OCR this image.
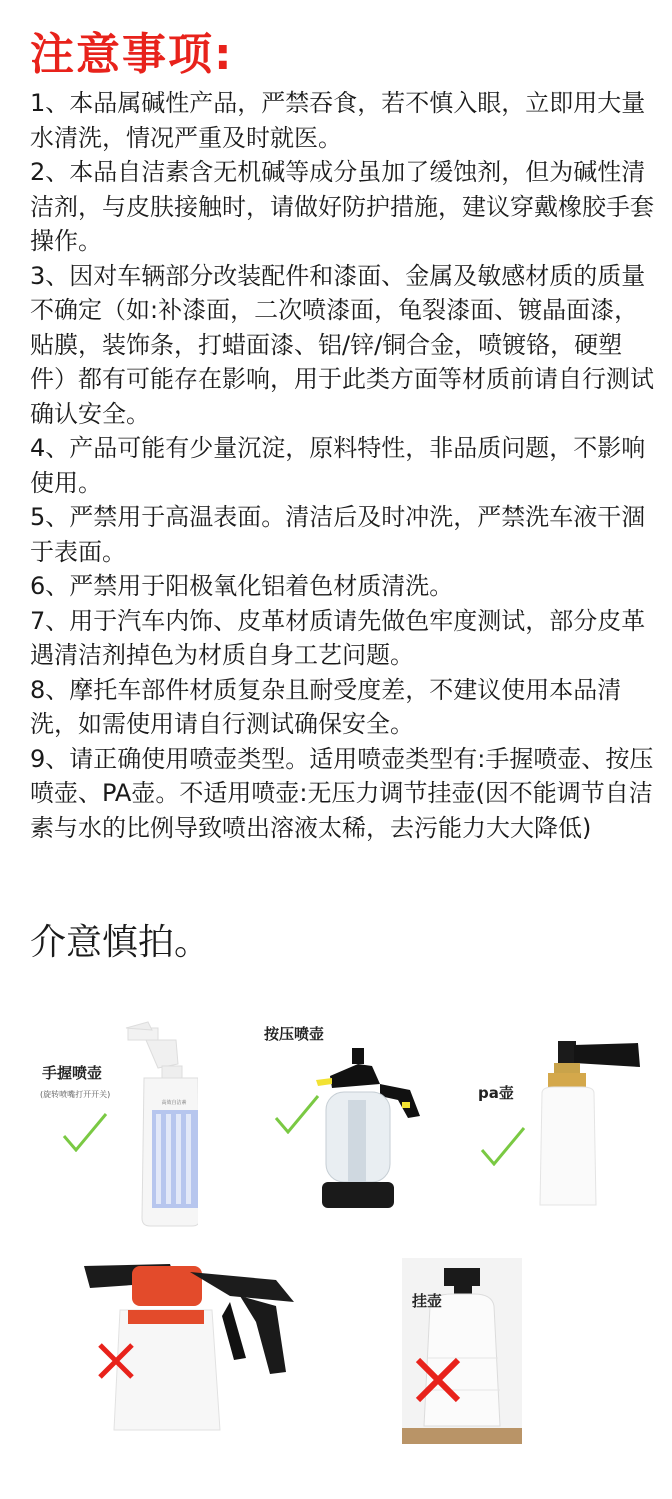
注意事项:

1、本品属碱性产品，严禁吞食，若不慎入眼，立即用大量水清洗，情况严重及时就医。

2、本品自洁素含无机碱等成分虽加了缓蚀剂，但为碱性清洁剂，与皮肤接触时，请做好防护措施，建议穿戴橡胶手套操作。

3、因对车辆部分改装配件和漆面、金属及敏感材质的质量不确定（如:补漆面，二次喷漆面，龟裂漆面、镀晶面漆，贴膜，装饰条，打蜡面漆、铝/锌/铜合金，喷镀铬，硬塑件）都有可能存在影响，用于此类方面等材质前请自行测试确认安全。

4、产品可能有少量沉淀，原料特性，非品质问题，不影响使用。

5、严禁用于高温表面。清洁后及时冲洗，严禁洗车液干涸于表面。

6、严禁用于阳极氧化铝着色材质清洗。

7、用于汽车内饰、皮革材质请先做色牢度测试，部分皮革遇清洁剂掉色为材质自身工艺问题。

8、摩托车部件材质复杂且耐受度差，不建议使用本品清洗，如需使用请自行测试确保安全。

9、请正确使用喷壶类型。适用喷壶类型有:手握喷壶、按压喷壶、PA壶。不适用喷壶:无压力调节挂壶(因不能调节自洁素与水的比例导致喷出溶液太稀，去污能力大大降低)

介意慎拍。
手握喷壶
(旋转喷嘴打开开关)
高效自洁素
按压喷壶
pa壶
挂壶
